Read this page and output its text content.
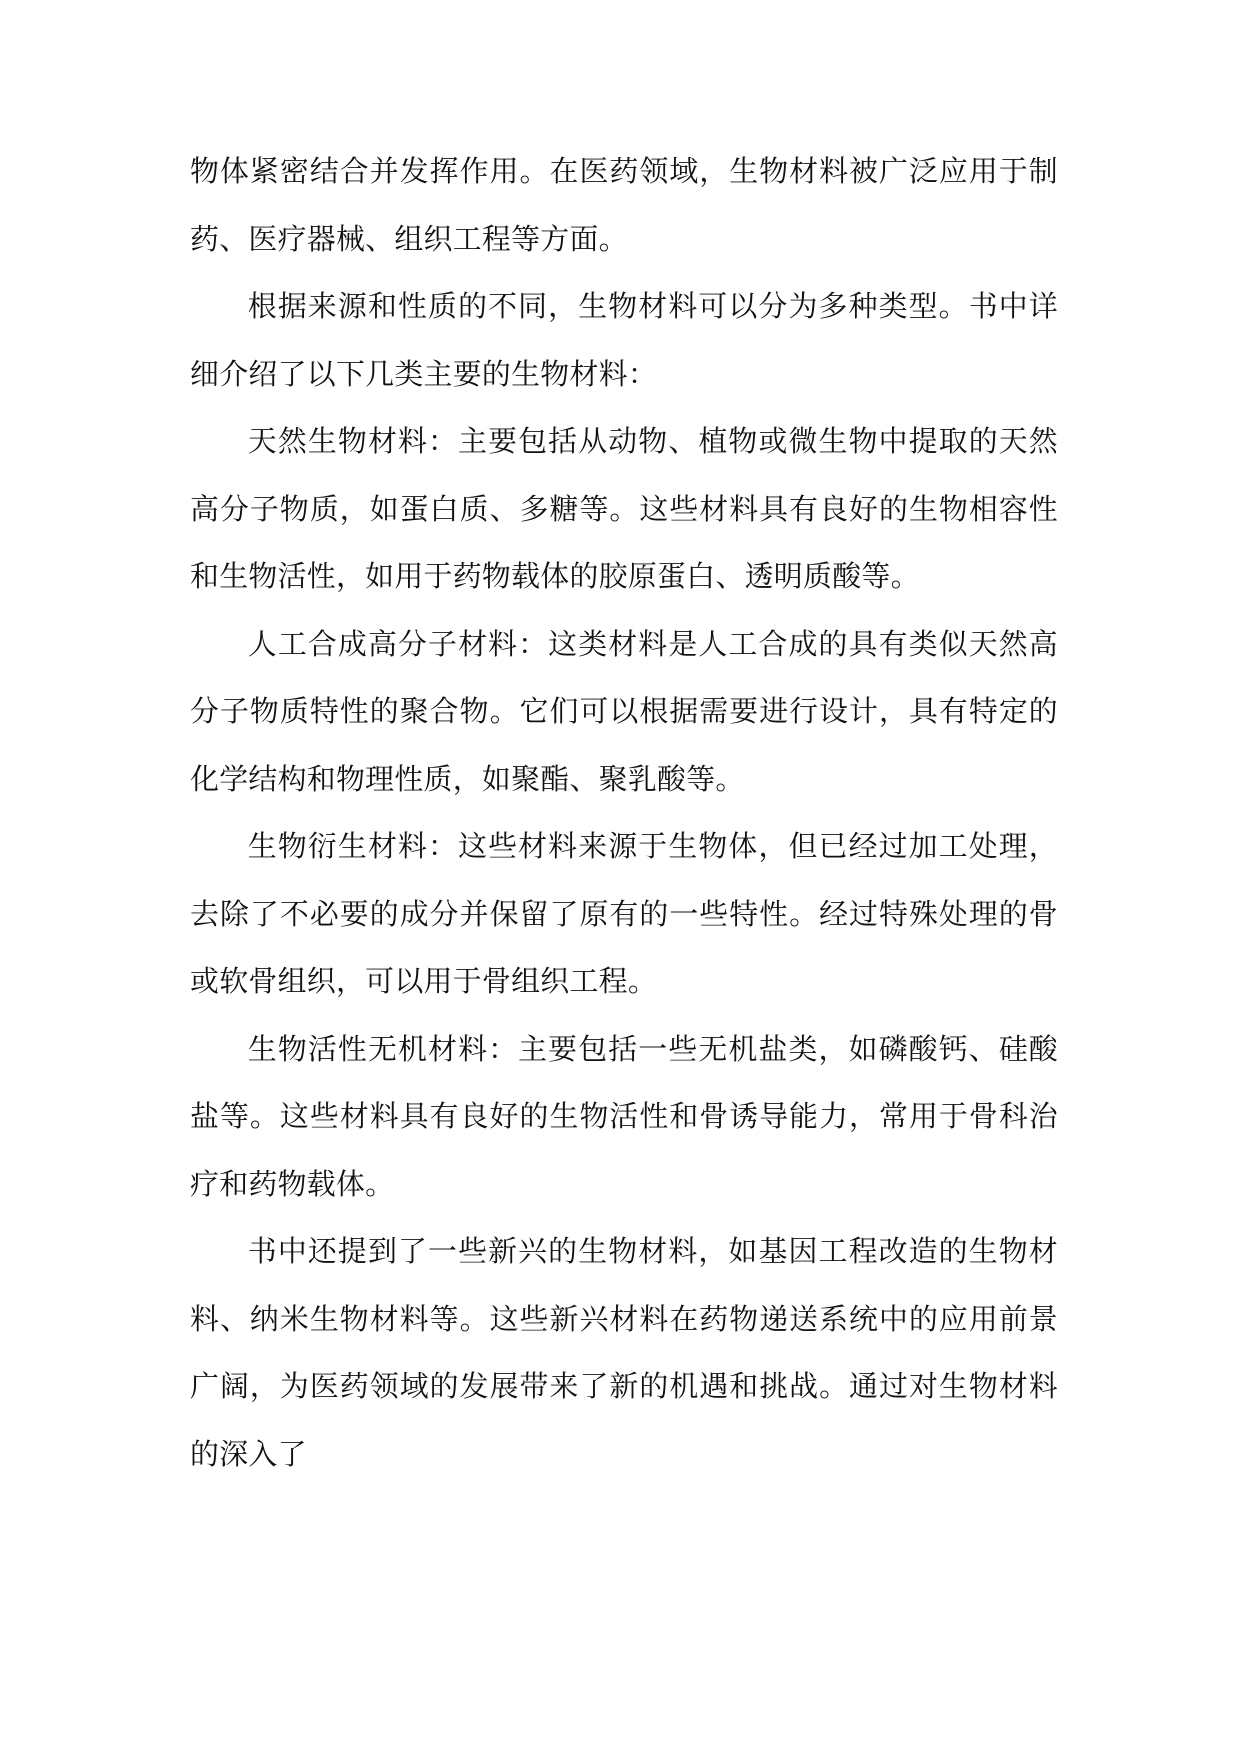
物体紧密结合并发挥作用。在医药领域，生物材料被广泛应用于制药、医疗器械、组织工程等方面。

根据来源和性质的不同，生物材料可以分为多种类型。书中详细介绍了以下几类主要的生物材料：

天然生物材料：主要包括从动物、植物或微生物中提取的天然高分子物质，如蛋白质、多糖等。这些材料具有良好的生物相容性和生物活性，如用于药物载体的胶原蛋白、透明质酸等。

人工合成高分子材料：这类材料是人工合成的具有类似天然高分子物质特性的聚合物。它们可以根据需要进行设计，具有特定的化学结构和物理性质，如聚酯、聚乳酸等。

生物衍生材料：这些材料来源于生物体，但已经过加工处理，去除了不必要的成分并保留了原有的一些特性。经过特殊处理的骨或软骨组织，可以用于骨组织工程。

生物活性无机材料：主要包括一些无机盐类，如磷酸钙、硅酸盐等。这些材料具有良好的生物活性和骨诱导能力，常用于骨科治疗和药物载体。

书中还提到了一些新兴的生物材料，如基因工程改造的生物材料、纳米生物材料等。这些新兴材料在药物递送系统中的应用前景广阔，为医药领域的发展带来了新的机遇和挑战。通过对生物材料的深入了
